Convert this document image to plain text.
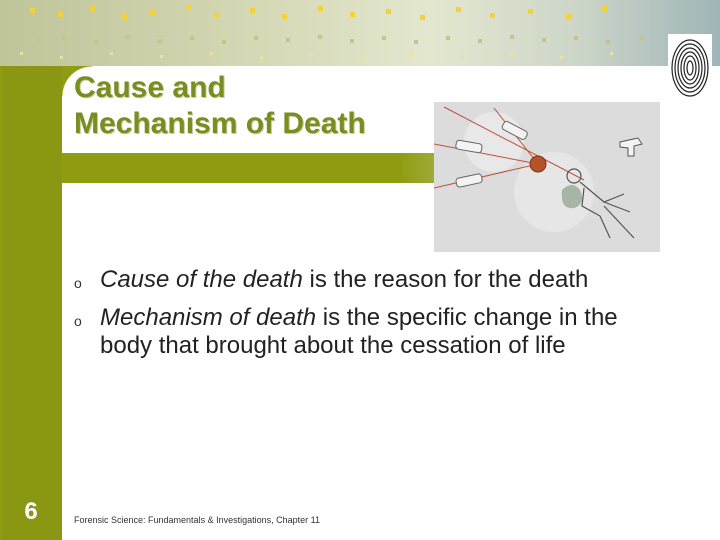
Cause and
Mechanism of Death
o Cause of the death is the reason for the death
o Mechanism of death is the specific change in the body that brought about the cessation of life
6	Forensic Science: Fundamentals & Investigations, Chapter 11
